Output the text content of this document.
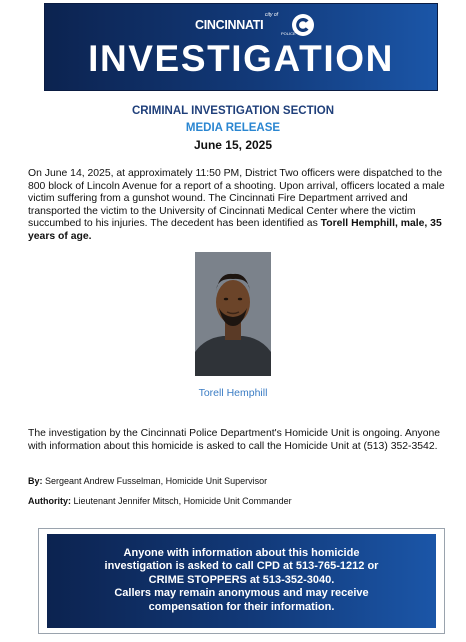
city of
CINCINNATI
POLICE
INVESTIGATION
CRIMINAL INVESTIGATION SECTION
MEDIA RELEASE
June 15, 2025
On June 14, 2025, at approximately 11:50 PM, District Two officers were dispatched to the 800 block of Lincoln Avenue for a report of a shooting. Upon arrival, officers located a male victim suffering from a gunshot wound. The Cincinnati Fire Department arrived and transported the victim to the University of Cincinnati Medical Center where the victim succumbed to his injuries. The decedent has been identified as Torell Hemphill, male, 35 years of age.
Torell Hemphill
The investigation by the Cincinnati Police Department's Homicide Unit is ongoing. Anyone with information about this homicide is asked to call the Homicide Unit at (513) 352-3542.
By: Sergeant Andrew Fusselman, Homicide Unit Supervisor
Authority: Lieutenant Jennifer Mitsch, Homicide Unit Commander
Anyone with information about this homicide
investigation is asked to call CPD at 513-765-1212 or
CRIME STOPPERS at 513-352-3040.
Callers may remain anonymous and may receive
compensation for their information.
